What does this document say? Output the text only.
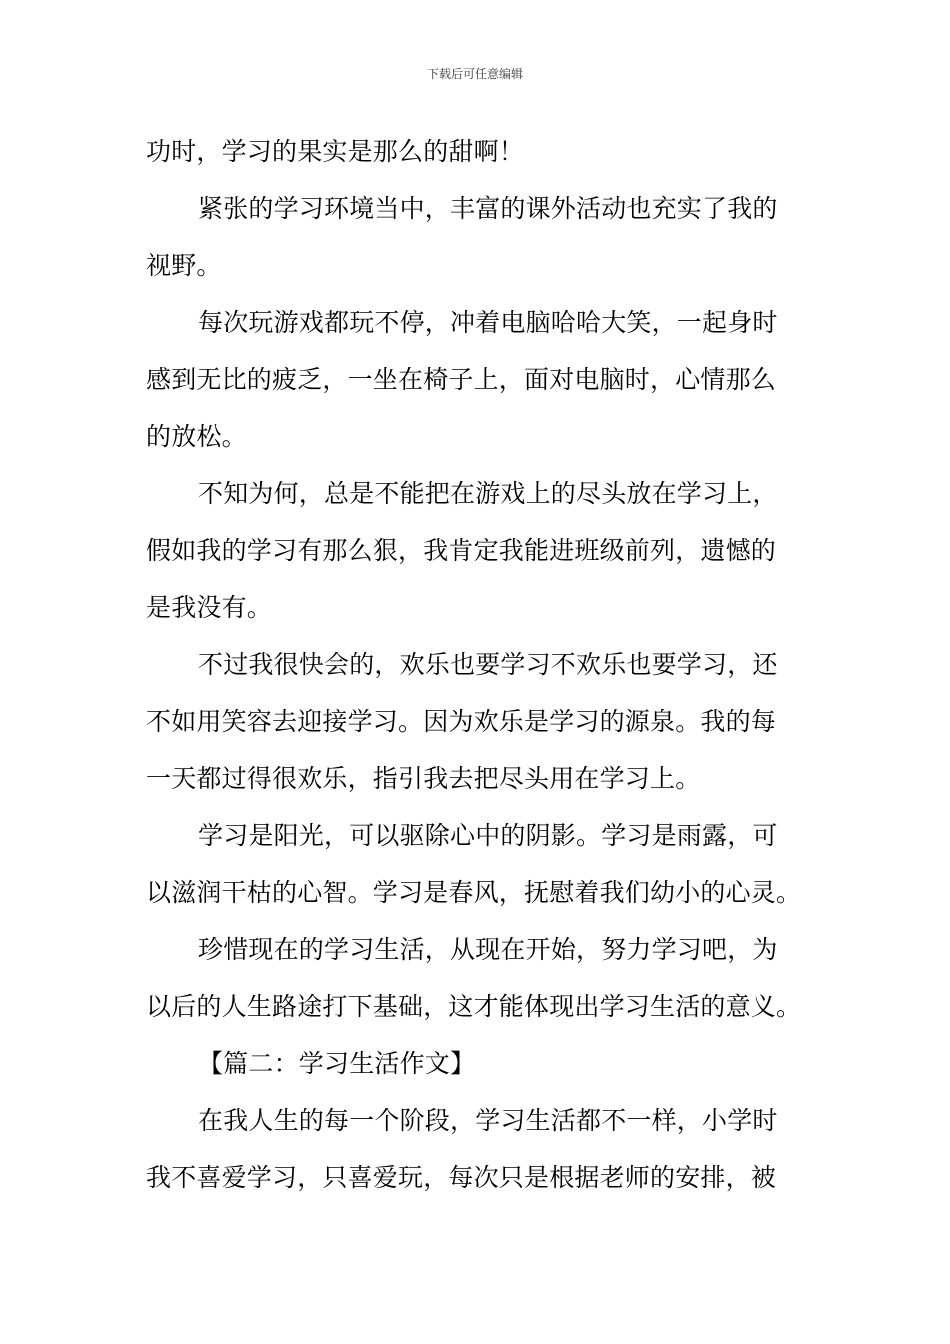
下载后可任意编辑
功时，学习的果实是那么的甜啊！
紧张的学习环境当中，丰富的课外活动也充实了我的
视野。
每次玩游戏都玩不停，冲着电脑哈哈大笑，一起身时
感到无比的疲乏，一坐在椅子上，面对电脑时，心情那么
的放松。
不知为何，总是不能把在游戏上的尽头放在学习上，
假如我的学习有那么狠，我肯定我能进班级前列，遗憾的
是我没有。
不过我很快会的，欢乐也要学习不欢乐也要学习，还
不如用笑容去迎接学习。因为欢乐是学习的源泉。我的每
一天都过得很欢乐，指引我去把尽头用在学习上。
学习是阳光，可以驱除心中的阴影。学习是雨露，可
以滋润干枯的心智。学习是春风，抚慰着我们幼小的心灵。
珍惜现在的学习生活，从现在开始，努力学习吧，为
以后的人生路途打下基础，这才能体现出学习生活的意义。
【篇二：学习生活作文】
在我人生的每一个阶段，学习生活都不一样，小学时
我不喜爱学习，只喜爱玩，每次只是根据老师的安排，被
